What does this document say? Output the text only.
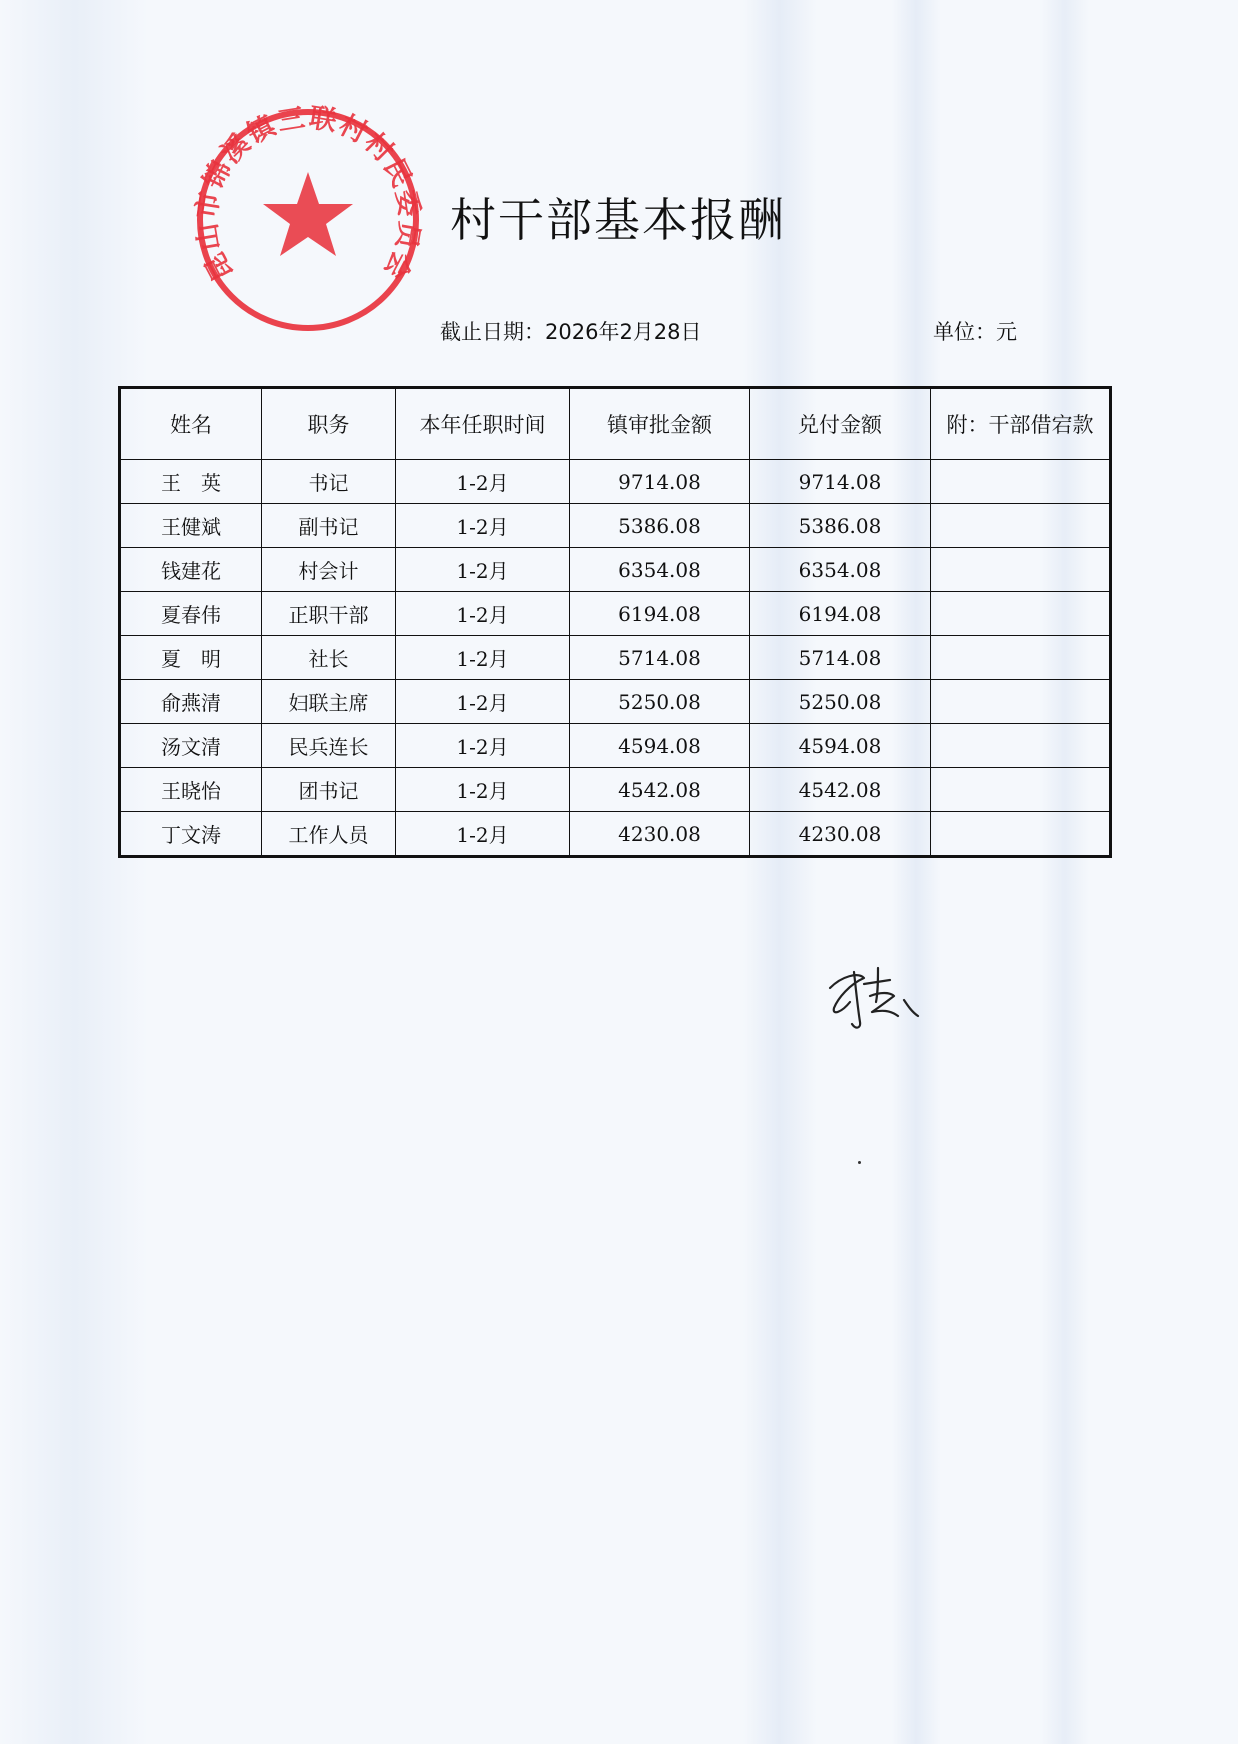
昆山市锦溪镇三联村村民委员会
村干部基本报酬
截止日期：2026年2月28日	单位：元
姓名	职务	本年任职时间	镇审批金额	兑付金额	附：干部借宕款
王　英	书记	1-2月	9714.08	9714.08	
王健斌	副书记	1-2月	5386.08	5386.08	
钱建花	村会计	1-2月	6354.08	6354.08	
夏春伟	正职干部	1-2月	6194.08	6194.08	
夏　明	社长	1-2月	5714.08	5714.08	
俞燕清	妇联主席	1-2月	5250.08	5250.08	
汤文清	民兵连长	1-2月	4594.08	4594.08	
王晓怡	团书记	1-2月	4542.08	4542.08	
丁文涛	工作人员	1-2月	4230.08	4230.08	
